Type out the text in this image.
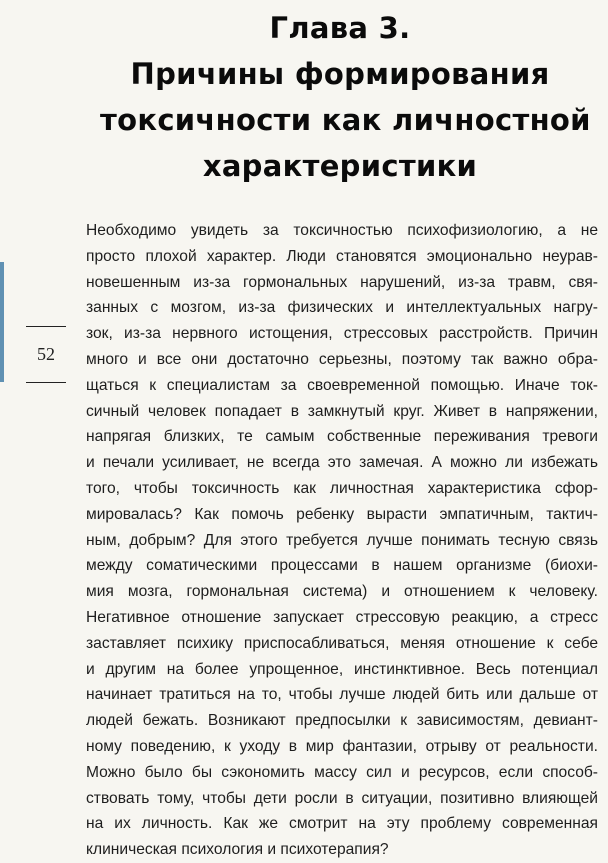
Глава 3.
Причины формирования
токсичности как личностной
характеристики
52
Необходимо увидеть за токсичностью психофизиологию, а не
просто плохой характер. Люди становятся эмоционально неурав-
новешенным из-за гормональных нарушений, из-за травм, свя-
занных с мозгом, из-за физических и интеллектуальных нагру-
зок, из-за нервного истощения, стрессовых расстройств. Причин
много и все они достаточно серьезны, поэтому так важно обра-
щаться к специалистам за своевременной помощью. Иначе ток-
сичный человек попадает в замкнутый круг. Живет в напряжении,
напрягая близких, те самым собственные переживания тревоги
и печали усиливает, не всегда это замечая. А можно ли избежать
того, чтобы токсичность как личностная характеристика сфор-
мировалась? Как помочь ребенку вырасти эмпатичным, тактич-
ным, добрым? Для этого требуется лучше понимать тесную связь
между соматическими процессами в нашем организме (биохи-
мия мозга, гормональная система) и отношением к человеку.
Негативное отношение запускает стрессовую реакцию, а стресс
заставляет психику приспосабливаться, меняя отношение к себе
и другим на более упрощенное, инстинктивное. Весь потенциал
начинает тратиться на то, чтобы лучше людей бить или дальше от
людей бежать. Возникают предпосылки к зависимостям, девиант-
ному поведению, к уходу в мир фантазии, отрыву от реальности.
Можно было бы сэкономить массу сил и ресурсов, если способ-
ствовать тому, чтобы дети росли в ситуации, позитивно влияющей
на их личность. Как же смотрит на эту проблему современная
клиническая психология и психотерапия?
